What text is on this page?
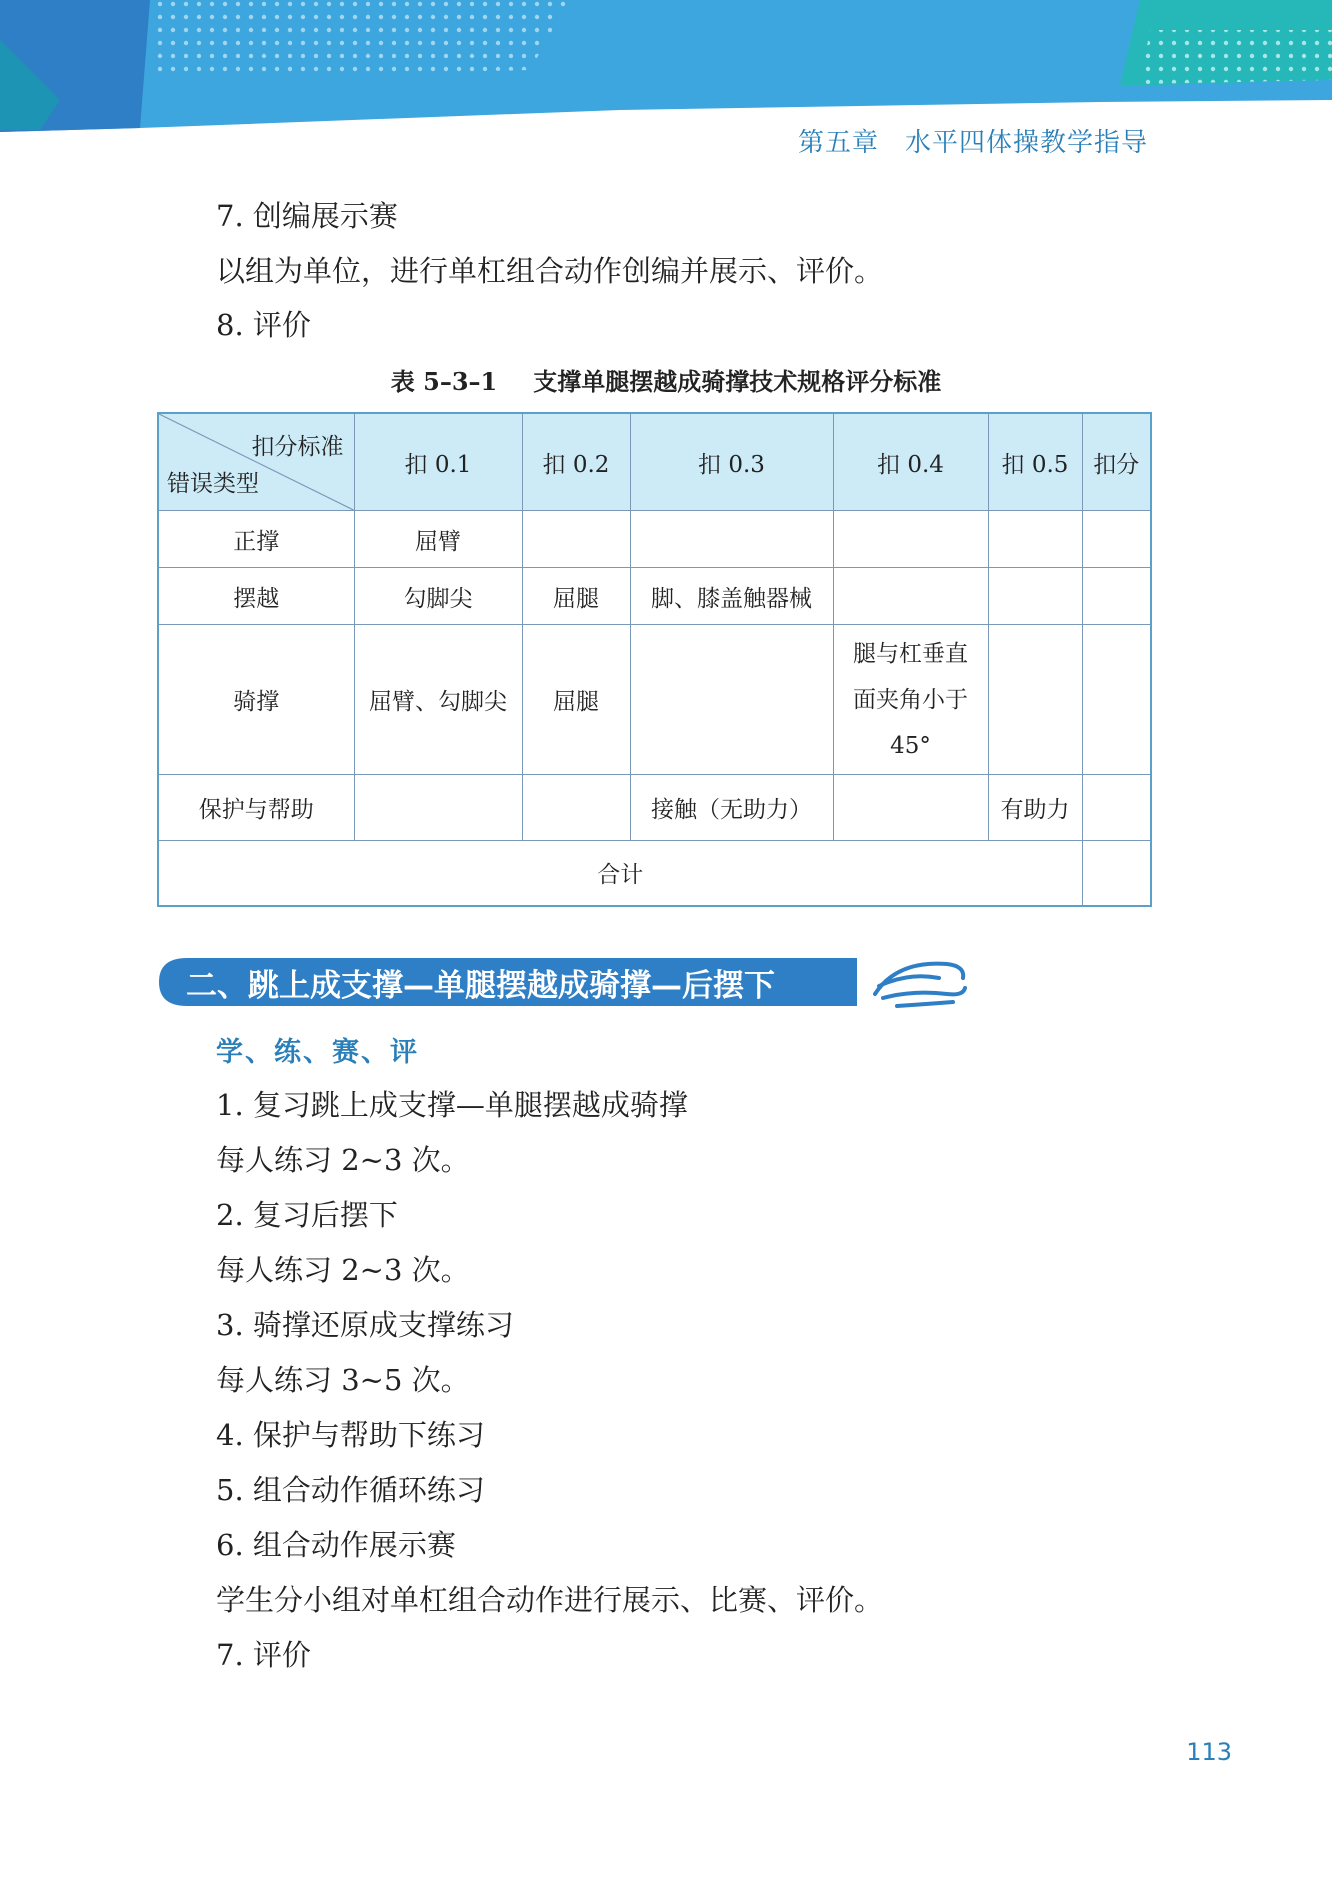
第五章 水平四体操教学指导
7. 创编展示赛
以组为单位，进行单杠组合动作创编并展示、评价。
8. 评价
表 5–3–1 支撑单腿摆越成骑撑技术规格评分标准
扣分标准
错误类型	扣 0.1	扣 0.2	扣 0.3	扣 0.4	扣 0.5	扣分
正撑	屈臂					
摆越	勾脚尖	屈腿	脚、膝盖触器械			
骑撑	屈臂、勾脚尖	屈腿		腿与杠垂直
面夹角小于
45°		

保护与帮助			接触（无助力）		有助力	
合计						
二、跳上成支撑—单腿摆越成骑撑—后摆下
学、练、赛、评
1. 复习跳上成支撑—单腿摆越成骑撑
每人练习 2~3 次。
2. 复习后摆下
每人练习 2~3 次。
3. 骑撑还原成支撑练习
每人练习 3~5 次。
4. 保护与帮助下练习
5. 组合动作循环练习
6. 组合动作展示赛
学生分小组对单杠组合动作进行展示、比赛、评价。
7. 评价
113
